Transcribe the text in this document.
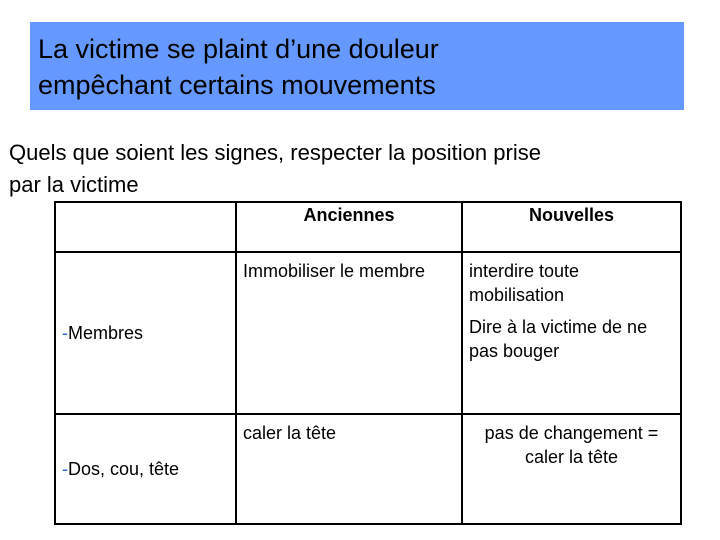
La victime se plaint d’une douleur
empêchant certains mouvements
Quels que soient les signes, respecter la position prise
par la victime
	Anciennes	Nouvelles
-Membres	Immobiliser le membre	interdire toute mobilisation
Dire à la victime de ne pas bouger

-Dos, cou, tête	caler la tête	pas de changement = caler la tête
